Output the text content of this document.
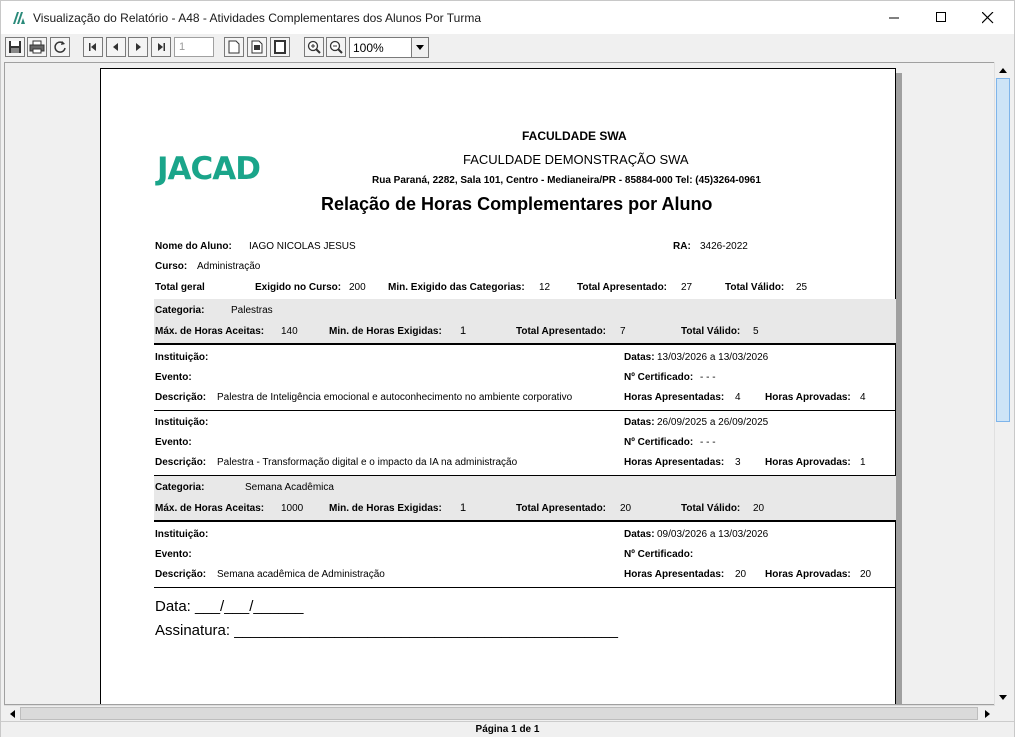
Visualização do Relatório - A48 - Atividades Complementares dos Alunos Por Turma
1	100%
JACAD
FACULDADE SWA
FACULDADE DEMONSTRAÇÃO SWA
Rua Paraná, 2282, Sala 101, Centro - Medianeira/PR - 85884-000 Tel: (45)3264-0961
Relação de Horas Complementares por Aluno
Nome do Aluno: IAGO NICOLAS JESUS	RA: 3426-2022
Curso: Administração
Total geral	Exigido no Curso: 200 Min. Exigido das Categorias: 12	Total Apresentado: 27	Total Válido: 25
Categoria:	Palestras
Máx. de Horas Aceitas: 140	Min. de Horas Exigidas: 1	Total Apresentado: 7	Total Válido: 5
Instituição:	Datas: 13/03/2026 a 13/03/2026
Evento:	Nº Certificado: - - -
Descrição: Palestra de Inteligência emocional e autoconhecimento no ambiente corporativo	Horas Apresentadas: 4 Horas Aprovadas: 4
Instituição:	Datas: 26/09/2025 a 26/09/2025
Evento:	Nº Certificado: - - -
Descrição: Palestra - Transformação digital e o impacto da IA na administração	Horas Apresentadas: 3 Horas Aprovadas: 1
Categoria:	Semana Acadêmica
Máx. de Horas Aceitas: 1000	Min. de Horas Exigidas: 1	Total Apresentado: 20	Total Válido: 20
Instituição:	Datas: 09/03/2026 a 13/03/2026
Evento:	Nº Certificado:
Descrição: Semana acadêmica de Administração	Horas Apresentadas: 20 Horas Aprovadas: 20
Data: ___/___/______
Assinatura: ______________________________________________
Página 1 de 1
